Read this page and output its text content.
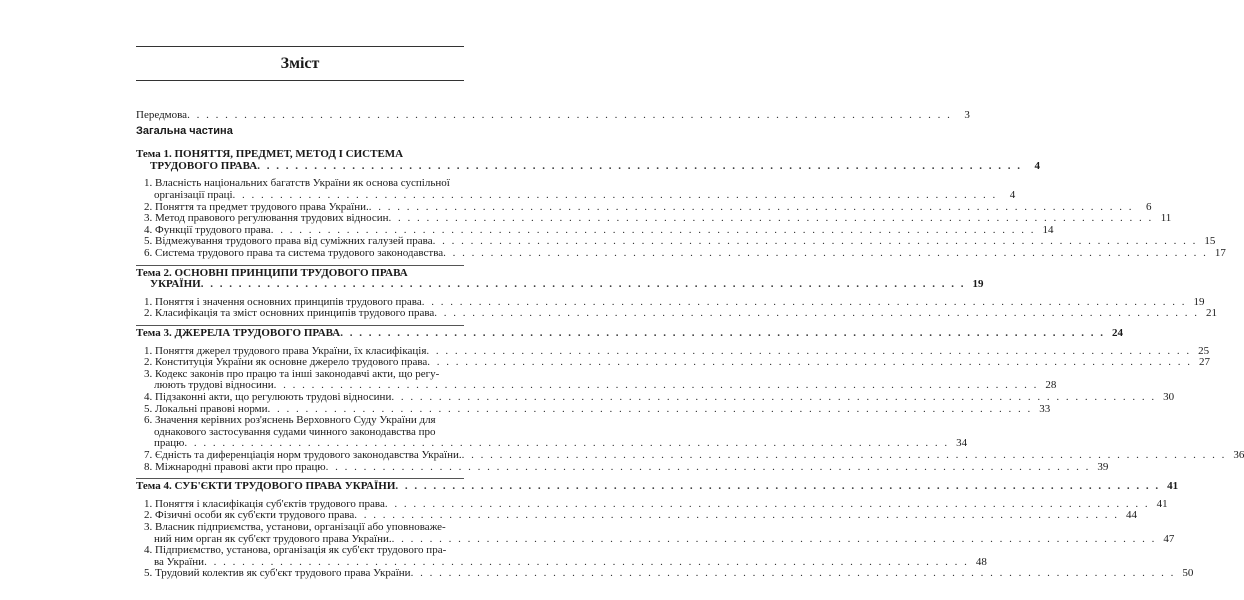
Зміст
Передмова . . .	3
Загальна частина
Тема 1. ПОНЯТТЯ, ПРЕДМЕТ, МЕТОД І СИСТЕМА
ТРУДОВОГО ПРАВА . . .	4
1. Власність національних багатств України як основа суспільної
організації праці . . .	4
2. Поняття та предмет трудового права України. . . .	6
3. Метод правового регулювання трудових відносин . . .	11
4. Функції трудового права . . .	14
5. Відмежування трудового права від суміжних галузей права . . .	15
6. Система трудового права та система трудового законодавства . . .	17
Тема 2. ОСНОВНІ ПРИНЦИПИ ТРУДОВОГО ПРАВА
УКРАЇНИ . . .	19
1. Поняття і значення основних принципів трудового права . . .	19
2. Класифікація та зміст основних принципів трудового права . . .	21
Тема 3. ДЖЕРЕЛА ТРУДОВОГО ПРАВА . . .	24
1. Поняття джерел трудового права України, їх класифікація . . .	25
2. Конституція України як основне джерело трудового права . . .	27
3. Кодекс законів про працю та інші законодавчі акти, що регу-
люють трудові відносини . . .	28
4. Підзаконні акти, що регулюють трудові відносини . . .	30
5. Локальні правові норми . . .	33
6. Значення керівних роз'яснень Верховного Суду України для
однакового застосування судами чинного законодавства про
працю . . .	34
7. Єдність та диференціація норм трудового законодавства України. . . .	36
8. Міжнародні правові акти про працю . . .	39
Тема 4. СУБ'ЄКТИ ТРУДОВОГО ПРАВА УКРАЇНИ . . .	41
1. Поняття і класифікація суб'єктів трудового права . . .	41
2. Фізичні особи як суб'єкти трудового права . . .	44
3. Власник підприємства, установи, організації або уповноваже-
ний ним орган як суб'єкт трудового права України. . . .	47
4. Підприємство, установа, організація як суб'єкт трудового пра-
ва України . . .	48
5. Трудовий колектив як суб'єкт трудового права України . . .	50
